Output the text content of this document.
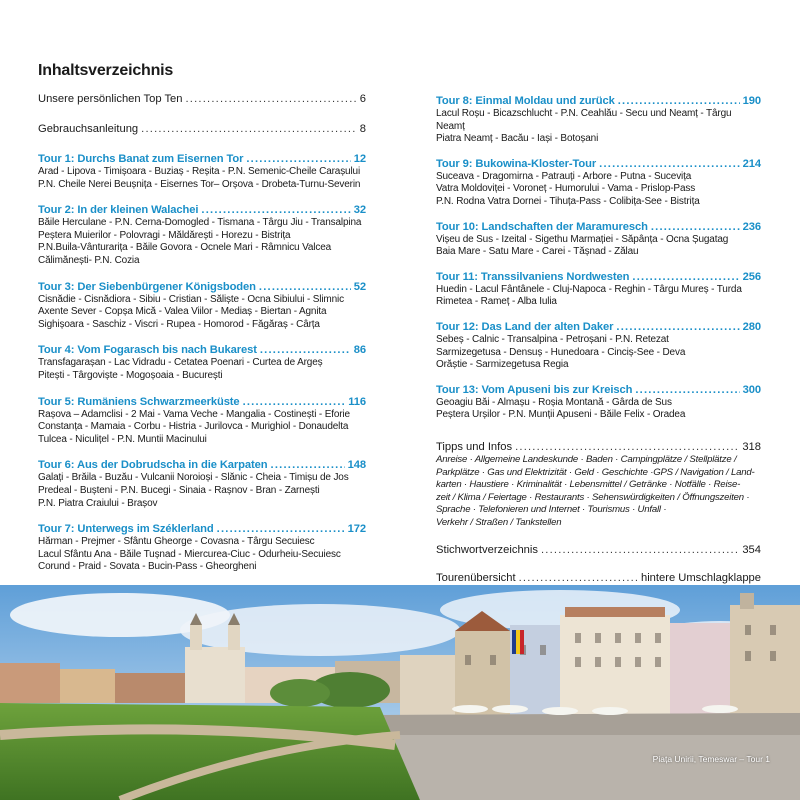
Inhaltsverzeichnis
Unsere persönlichen Top Ten .....	6
Gebrauchsanleitung .....	8
Tour 1: Durchs Banat zum Eisernen Tor .....	12
Arad - Lipova - Timișoara - Buziaș - Reșita - P.N. Semenic-Cheile Carașului
P.N. Cheile Nerei Beușnița - Eisernes Tor– Orșova - Drobeta-Turnu-Severin
Tour 2: In der kleinen Walachei .....	32
Băile Herculane - P.N. Cerna-Domogled - Tismana - Târgu Jiu - Transalpina
Peștera Muierilor - Polovragi - Măldărești - Horezu - Bistrița
P.N.Buila-Vânturarița - Băile Govora - Ocnele Mari - Râmnicu Valcea
Călimănești- P.N. Cozia
Tour 3: Der Siebenbürgener Königsboden .....	52
Cisnădie - Cisnădiora - Sibiu - Cristian - Săliște - Ocna Sibiului - Slimnic
Axente Sever - Copșa Mică - Valea Viilor - Mediaș - Biertan - Agnita
Sighișoara - Saschiz - Viscri - Rupea - Homorod - Făgăraș - Cârța
Tour 4: Vom Fogarasch bis nach Bukarest .....	86
Transfagarașan - Lac Vidradu - Cetatea Poenari - Curtea de Argeș
Pitești - Târgoviște - Mogoșoaia - București
Tour 5: Rumäniens Schwarzmeerküste .....	116
Rașova – Adamclisi - 2 Mai - Vama Veche - Mangalia - Costinești - Eforie
Constanța - Mamaia - Corbu - Histria - Jurilovca - Murighiol - Donaudelta
Tulcea - Niculițel - P.N. Muntii Macinului
Tour 6: Aus der Dobrudscha in die Karpaten .....	148
Galați - Brăila - Buzău - Vulcanii Noroioși - Slănic - Cheia - Timișu de Jos
Predeal - Bușteni - P.N. Bucegi - Sinaia - Rașnov - Bran - Zarnești
P.N. Piatra Craiului - Brașov
Tour 7: Unterwegs im Széklerland .....	172
Hărman - Prejmer - Sfântu Gheorge - Covasna - Târgu Secuiesc
Lacul Sfântu Ana - Băile Tușnad - Miercurea-Ciuc - Odurheiu-Secuiesc
Corund - Praid - Sovata - Bucin-Pass - Gheorgheni
Tour 8: Einmal Moldau und zurück .....	190
Lacul Roșu - Bicazschlucht - P.N. Ceahlău - Secu und Neamț - Târgu Neamț
Piatra Neamț - Bacău - Iași - Botoșani
Tour 9: Bukowina-Kloster-Tour .....	214
Suceava - Dragomirna - Patrauți - Arbore - Putna - Sucevița
Vatra Moldoviței - Voroneț - Humorului - Vama - Prislop-Pass
P.N. Rodna Vatra Dornei - Tihuța-Pass - Colibița-See - Bistrița
Tour 10: Landschaften der Maramuresch .....	236
Vișeu de Sus - Izeital - Sigethu Marmației - Săpânța - Ocna Șugatag
Baia Mare - Satu Mare - Carei - Tășnad - Zălau
Tour 11: Transsilvaniens Nordwesten .....	256
Huedin - Lacul Fântânele - Cluj-Napoca - Reghin - Târgu Mureș - Turda
Rimetea - Rameț - Alba Iulia
Tour 12: Das Land der alten Daker .....	280
Sebeș - Calnic - Transalpina - Petroșani - P.N. Retezat
Sarmizegetusa - Densuș - Hunedoara - Cinciș-See - Deva
Orăștie - Sarmizegetusa Regia
Tour 13: Vom Apuseni bis zur Kreisch .....	300
Geoagiu Băi - Almașu - Roșia Montană - Gârda de Sus
Peștera Urșilor - P.N. Munții Apuseni - Băile Felix - Oradea
Tipps und Infos .....	318
Anreise · Allgemeine Landeskunde · Baden · Campingplätze / Stellplätze /
Parkplätze · Gas und Elektrizität · Geld · Geschichte ·GPS / Navigation / Land-
karten · Haustiere · Kriminalität · Lebensmittel / Getränke · Notfälle · Reise-
zeit / Klima / Feiertage · Restaurants · Sehenswürdigkeiten / Öffnungszeiten ·
Sprache · Telefonieren und Internet · Tourismus · Unfall ·
Verkehr / Straßen / Tankstellen
Stichwortverzeichnis .....	354
Tourenübersicht .....	hintere Umschlagklappe
Piața Unirii, Temeswar – Tour 1
